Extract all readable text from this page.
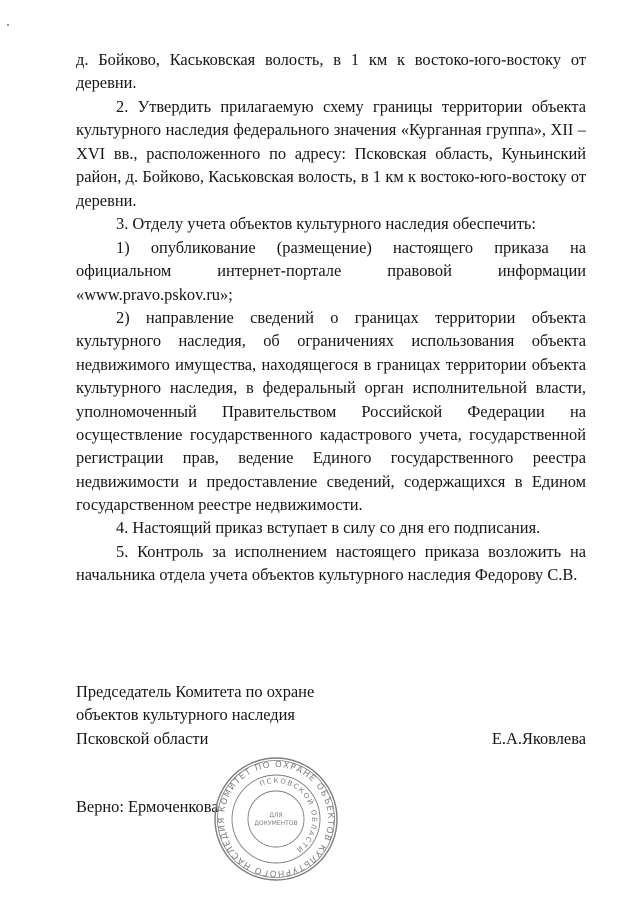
д. Бойково, Каськовская волость, в 1 км к востоко-юго-востоку от деревни.

2. Утвердить прилагаемую схему границы территории объекта культурного наследия федерального значения «Курганная группа», XII – XVI вв., расположенного по адресу: Псковская область, Куньинский район, д. Бойково, Каськовская волость, в 1 км к востоко-юго-востоку от деревни.

3. Отделу учета объектов культурного наследия обеспечить:

1) опубликование (размещение) настоящего приказа на официальном интернет-портале правовой информации «www.pravo.pskov.ru»;

2) направление сведений о границах территории объекта культурного наследия, об ограничениях использования объекта недвижимого имущества, находящегося в границах территории объекта культурного наследия, в федеральный орган исполнительной власти, уполномоченный Правительством Российской Федерации на осуществление государственного кадастрового учета, государственной регистрации прав, ведение Единого государственного реестра недвижимости и предоставление сведений, содержащихся в Едином государственном реестре недвижимости.

4. Настоящий приказ вступает в силу со дня его подписания.

5. Контроль за исполнением настоящего приказа возложить на начальника отдела учета объектов культурного наследия Федорову С.В.

Председатель Комитета по охране
объектов культурного наследия
Псковской области	Е.А.Яковлева
Верно: Ермоченкова
КОМИТЕТ ПО ОХРАНЕ ОБЪЕКТОВ КУЛЬТУРНОГО НАСЛЕДИЯ
ПСКОВСКОЙ ОБЛАСТИ
ДЛЯ
ДОКУМЕНТОВ
